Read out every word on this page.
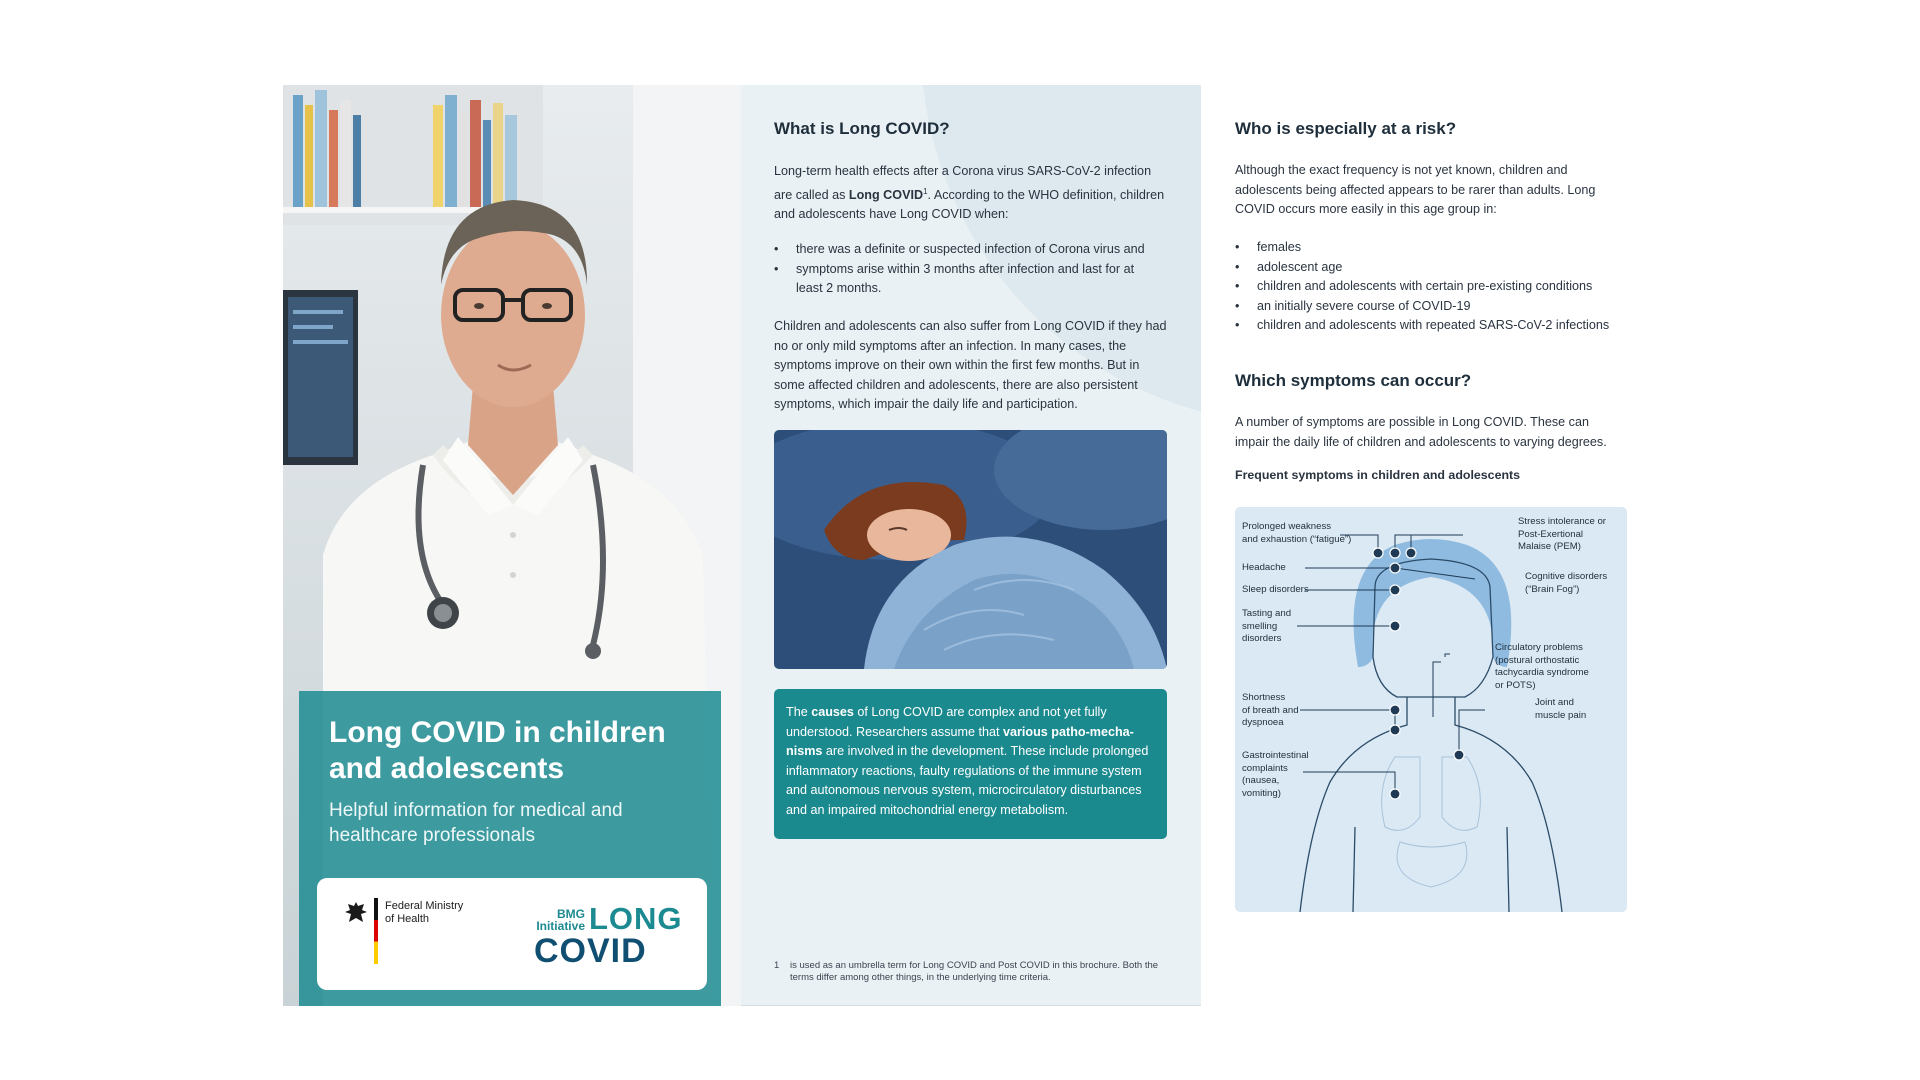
Long COVID in children and adolescents
Helpful information for medical and healthcare professionals
Federal Ministry
of Health	BMG
Initiative LONG
COVID
What is Long COVID?
Long-term health effects after a Corona virus SARS-CoV-2 infection are called as Long COVID$^1$. According to the WHO definition, children and adolescents have Long COVID when:
• there was a definite or suspected infection of Corona virus and
• symptoms arise within 3 months after infection and last for at least 2 months.
Children and adolescents can also suffer from Long COVID if they had no or only mild symptoms after an infection. In many cases, the symptoms improve on their own within the first few months. But in some affected children and adolescents, there are also persistent symptoms, which impair the daily life and participation.
The causes of Long COVID are complex and not yet fully understood. Researchers assume that various patho-mecha-nisms are involved in the development. These include prolonged inflammatory reactions, faulty regulations of the immune system and autonomous nervous system, microcirculatory disturbances and an impaired mitochondrial energy metabolism.
1	is used as an umbrella term for Long COVID and Post COVID in this brochure. Both the terms differ among other things, in the underlying time criteria.
Who is especially at a risk?
Although the exact frequency is not yet known, children and adolescents being affected appears to be rarer than adults. Long COVID occurs more easily in this age group in:
• females
• adolescent age
• children and adolescents with certain pre-existing conditions
• an initially severe course of COVID-19
• children and adolescents with repeated SARS-CoV-2 infections
Which symptoms can occur?
A number of symptoms are possible in Long COVID. These can impair the daily life of children and adolescents to varying degrees.
Frequent symptoms in children and adolescents
Prolonged weakness
and exhaustion (“fatigue”)
Headache
Sleep disorders
Tasting and
smelling
disorders
Shortness
of breath and
dyspnoea
Gastrointestinal
complaints
(nausea,
vomiting)
Stress intolerance or
Post-Exertional
Malaise (PEM)
Cognitive disorders
(“Brain Fog”)
Circulatory problems
(postural orthostatic
tachycardia syndrome
or POTS)
Joint and
muscle pain
